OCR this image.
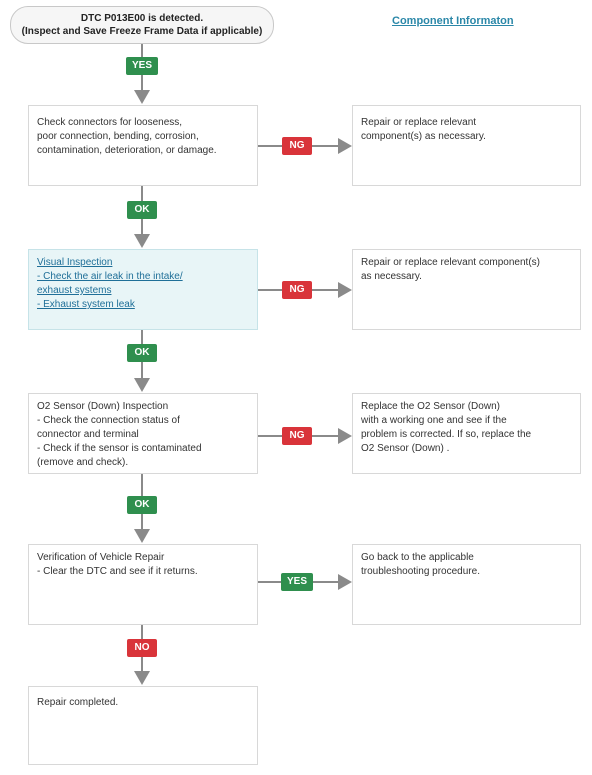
DTC P013E00 is detected.
(Inspect and Save Freeze Frame Data if applicable)
Component Informaton
YES
OK
OK
OK
NO
NG
NG
NG
YES
Check connectors for looseness,
poor connection, bending, corrosion,
contamination, deterioration, or damage.
Repair or replace relevant
component(s) as necessary.
Visual Inspection
- Check the air leak in the intake/
exhaust systems
- Exhaust system leak
Repair or replace relevant component(s)
as necessary.
O2 Sensor (Down) Inspection
- Check the connection status of
connector and terminal
- Check if the sensor is contaminated
(remove and check).
Replace the O2 Sensor (Down)
with a working one and see if the
problem is corrected. If so, replace the
O2 Sensor (Down) .
Verification of Vehicle Repair
- Clear the DTC and see if it returns.
Go back to the applicable
troubleshooting procedure.
Repair completed.
